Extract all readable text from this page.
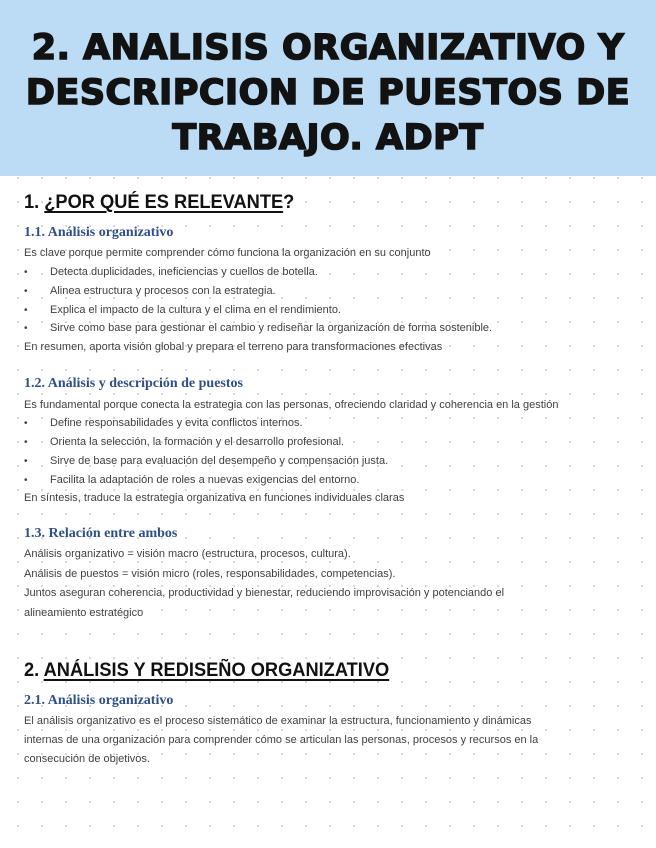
2. ANALISIS ORGANIZATIVO Y
DESCRIPCION DE PUESTOS DE
TRABAJO. ADPT
1. ¿POR QUÉ ES RELEVANTE?
1.1. Análisis organizativo

Es clave porque permite comprender cómo funciona la organización en su conjunto

• Detecta duplicidades, ineficiencias y cuellos de botella.

• Alinea estructura y procesos con la estrategia.

• Explica el impacto de la cultura y el clima en el rendimiento.

• Sirve como base para gestionar el cambio y rediseñar la organización de forma sostenible.

En resumen, aporta visión global y prepara el terreno para transformaciones efectivas

1.2. Análisis y descripción de puestos

Es fundamental porque conecta la estrategia con las personas, ofreciendo claridad y coherencia en la gestión

• Define responsabilidades y evita conflictos internos.

• Orienta la selección, la formación y el desarrollo profesional.

• Sirve de base para evaluación del desempeño y compensación justa.

• Facilita la adaptación de roles a nuevas exigencias del entorno.

En síntesis, traduce la estrategia organizativa en funciones individuales claras

1.3. Relación entre ambos

Análisis organizativo = visión macro (estructura, procesos, cultura).

Análisis de puestos = visión micro (roles, responsabilidades, competencias).

Juntos aseguran coherencia, productividad y bienestar, reduciendo improvisación y potenciando el

alineamiento estratégico

2. ANÁLISIS Y REDISEÑO ORGANIZATIVO
2.1. Análisis organizativo

El análisis organizativo es el proceso sistemático de examinar la estructura, funcionamiento y dinámicas

internas de una organización para comprender cómo se articulan las personas, procesos y recursos en la

consecución de objetivos.
